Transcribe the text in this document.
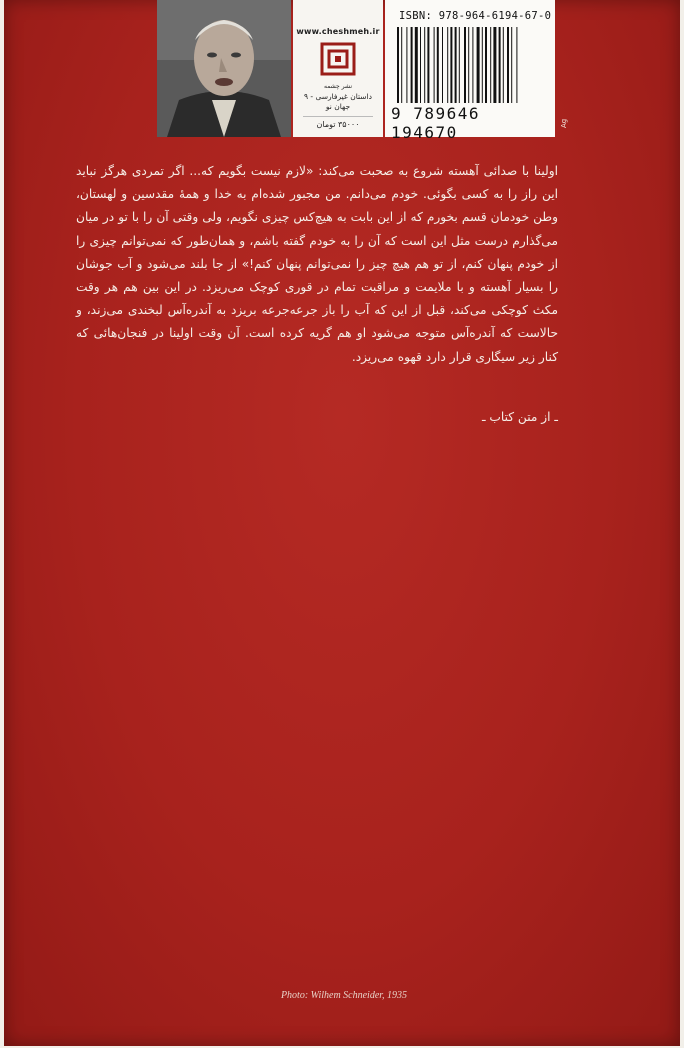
www.cheshmeh.ir
نشر چشمه
داستان غیرفارسی - ۹
جهان نو
۳۵۰۰۰ تومان
ISBN: 978-964-6194-67-0
9 789646 194670	Ag

اولینا با صدائی آهسته شروع به صحبت می‌کند: «لازم نیست بگویم که... اگر تمردی هرگز نباید این راز را به کسی بگوئی. خودم می‌دانم. من مجبور شده‌ام به خدا و همهٔ مقدسین و لهستان، وطن خودمان قسم بخورم که از این بابت به هیچ‌کس چیزی نگویم، ولی وقتی آن را با تو در میان می‌گذارم درست مثل این است که آن را به خودم گفته باشم، و همان‌طور که نمی‌توانم چیزی را از خودم پنهان کنم، از تو هم هیچ چیز را نمی‌توانم پنهان کنم!» از جا بلند می‌شود و آب جوشان را بسیار آهسته و با ملایمت و مراقبت تمام در قوری کوچک می‌ریزد. در این بین هم هر وقت مکث کوچکی می‌کند، قبل از این که آب را باز جرعه‌جرعه بریزد به آندره‌آس لبخندی می‌زند، و حالاست که آندره‌آس متوجه می‌شود او هم گریه کرده است. آن وقت اولینا در فنجان‌هائی که کنار زیر سیگاری قرار دارد قهوه می‌ریزد.

ـ از متن کتاب ـ
Photo: Wilhem Schneider, 1935
